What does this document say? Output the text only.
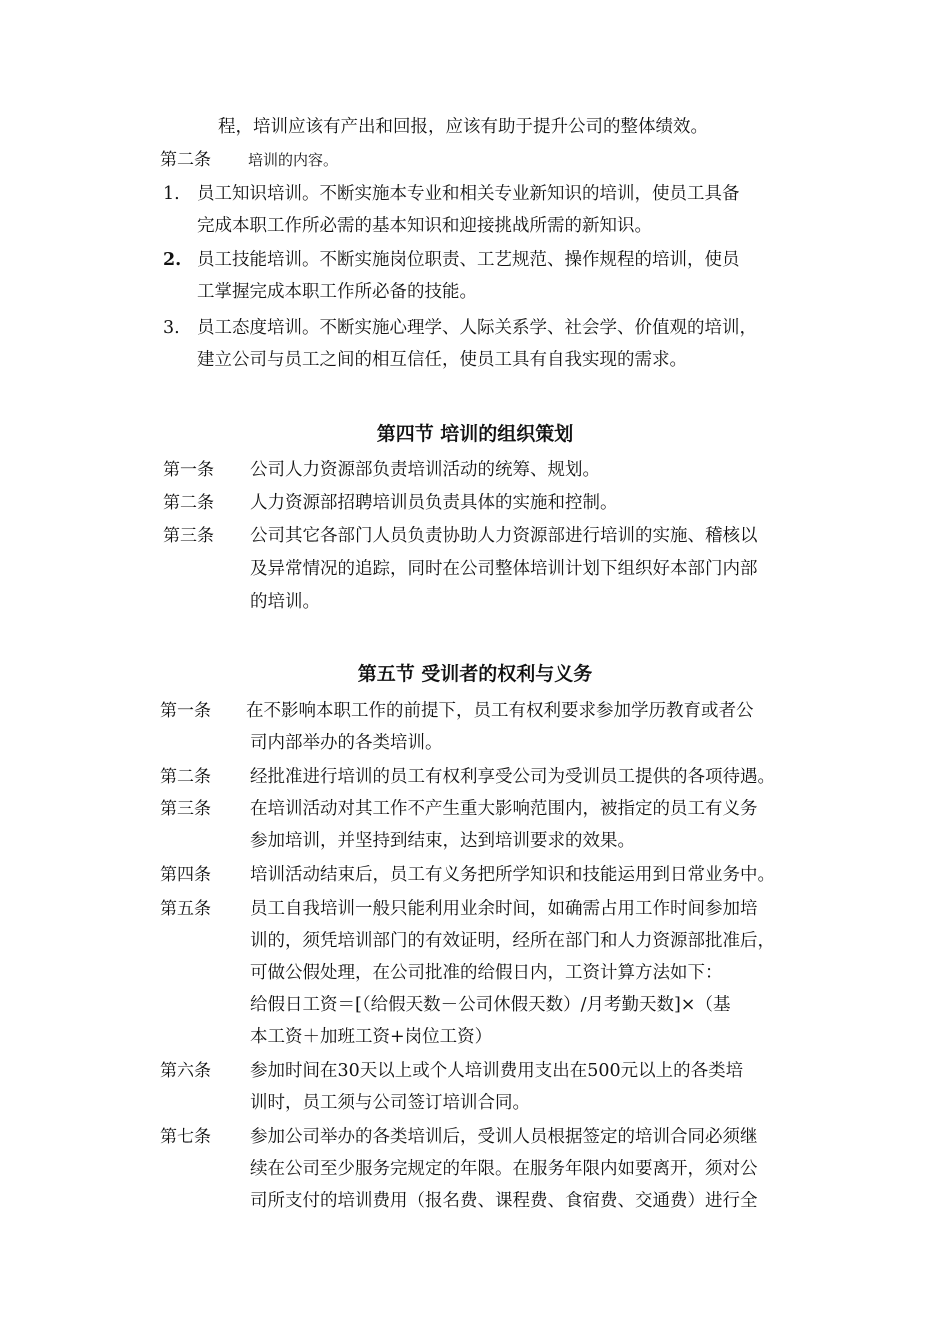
程，培训应该有产出和回报，应该有助于提升公司的整体绩效。
第二条 培训的内容。
1. 员工知识培训。不断实施本专业和相关专业新知识的培训，使员工具备
完成本职工作所必需的基本知识和迎接挑战所需的新知识。
2. 员工技能培训。不断实施岗位职责、工艺规范、操作规程的培训，使员
工掌握完成本职工作所必备的技能。
3. 员工态度培训。不断实施心理学、人际关系学、社会学、价值观的培训，
建立公司与员工之间的相互信任，使员工具有自我实现的需求。
第四节 培训的组织策划
第一条 公司人力资源部负责培训活动的统筹、规划。
第二条 人力资源部招聘培训员负责具体的实施和控制。
第三条 公司其它各部门人员负责协助人力资源部进行培训的实施、稽核以
及异常情况的追踪，同时在公司整体培训计划下组织好本部门内部
的培训。
第五节 受训者的权利与义务
第一条 在不影响本职工作的前提下，员工有权利要求参加学历教育或者公
司内部举办的各类培训。
第二条 经批准进行培训的员工有权利享受公司为受训员工提供的各项待遇。
第三条 在培训活动对其工作不产生重大影响范围内，被指定的员工有义务
参加培训，并坚持到结束，达到培训要求的效果。
第四条 培训活动结束后，员工有义务把所学知识和技能运用到日常业务中。
第五条 员工自我培训一般只能利用业余时间，如确需占用工作时间参加培
训的，须凭培训部门的有效证明，经所在部门和人力资源部批准后，
可做公假处理，在公司批准的给假日内，工资计算方法如下：
给假日工资＝[（给假天数－公司休假天数）/月考勤天数]×（基
本工资＋加班工资+岗位工资）
第六条 参加时间在30天以上或个人培训费用支出在500元以上的各类培
训时，员工须与公司签订培训合同。
第七条 参加公司举办的各类培训后，受训人员根据签定的培训合同必须继
续在公司至少服务完规定的年限。在服务年限内如要离开，须对公
司所支付的培训费用（报名费、课程费、食宿费、交通费）进行全
